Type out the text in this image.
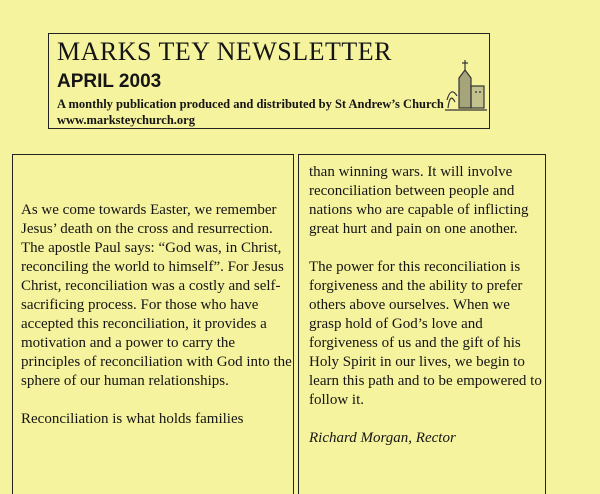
MARKS TEY NEWSLETTER
APRIL 2003
A monthly publication produced and distributed by St Andrew’s Church
www.marksteychurch.org

As we come towards Easter, we remember Jesus’ death on the cross and resurrection. The apostle Paul says: “God was, in Christ, reconciling the world to himself”. For Jesus Christ, reconciliation was a costly and self-sacrificing process. For those who have accepted this reconciliation, it provides a motivation and a power to carry the principles of reconciliation with God into the sphere of our human relationships.

Reconciliation is what holds families

than winning wars. It will involve reconciliation between people and nations who are capable of inflicting great hurt and pain on one another.

The power for this reconciliation is forgiveness and the ability to prefer others above ourselves. When we grasp hold of God’s love and forgiveness of us and the gift of his Holy Spirit in our lives, we begin to learn this path and to be empowered to follow it.

Richard Morgan, Rector
